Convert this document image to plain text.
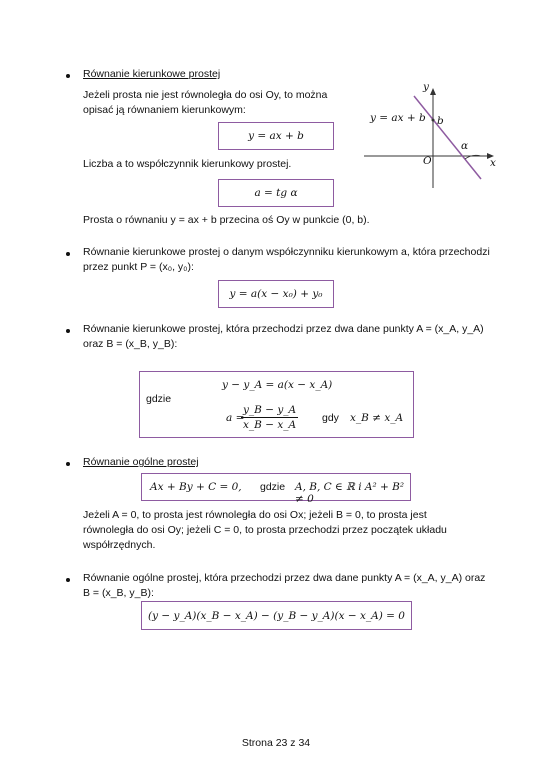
Równanie kierunkowe prostej
Jeżeli prosta nie jest równoległa do osi Oy, to można opisać ją równaniem kierunkowym:
y = ax + b
Liczba a to współczynnik kierunkowy prostej.
a = tg α
Prosta o równaniu y = ax + b przecina oś Oy w punkcie (0, b).
y
x
O
y = ax + b b
α
Równanie kierunkowe prostej o danym współczynniku kierunkowym a, która przechodzi przez punkt P = (x₀, y₀):
y = a(x − x₀) + y₀
Równanie kierunkowe prostej, która przechodzi przez dwa dane punkty A = (x_A, y_A) oraz B = (x_B, y_B):
y − y_A = a(x − x_A)
gdzie
a =
$\frac{y\_B - y\_A}{x\_B - x\_A}$ gdy x_B ≠ x_A
Równanie ogólne prostej
Ax + By + C = 0, gdzie A, B, C ∈ ℝ i A² + B² ≠ 0
Jeżeli A = 0, to prosta jest równoległa do osi Ox; jeżeli B = 0, to prosta jest równoległa do osi Oy; jeżeli C = 0, to prosta przechodzi przez początek układu współrzędnych.
Równanie ogólne prostej, która przechodzi przez dwa dane punkty A = (x_A, y_A) oraz B = (x_B, y_B):
(y − y_A)(x_B − x_A) − (y_B − y_A)(x − x_A) = 0
Strona 23 z 34
